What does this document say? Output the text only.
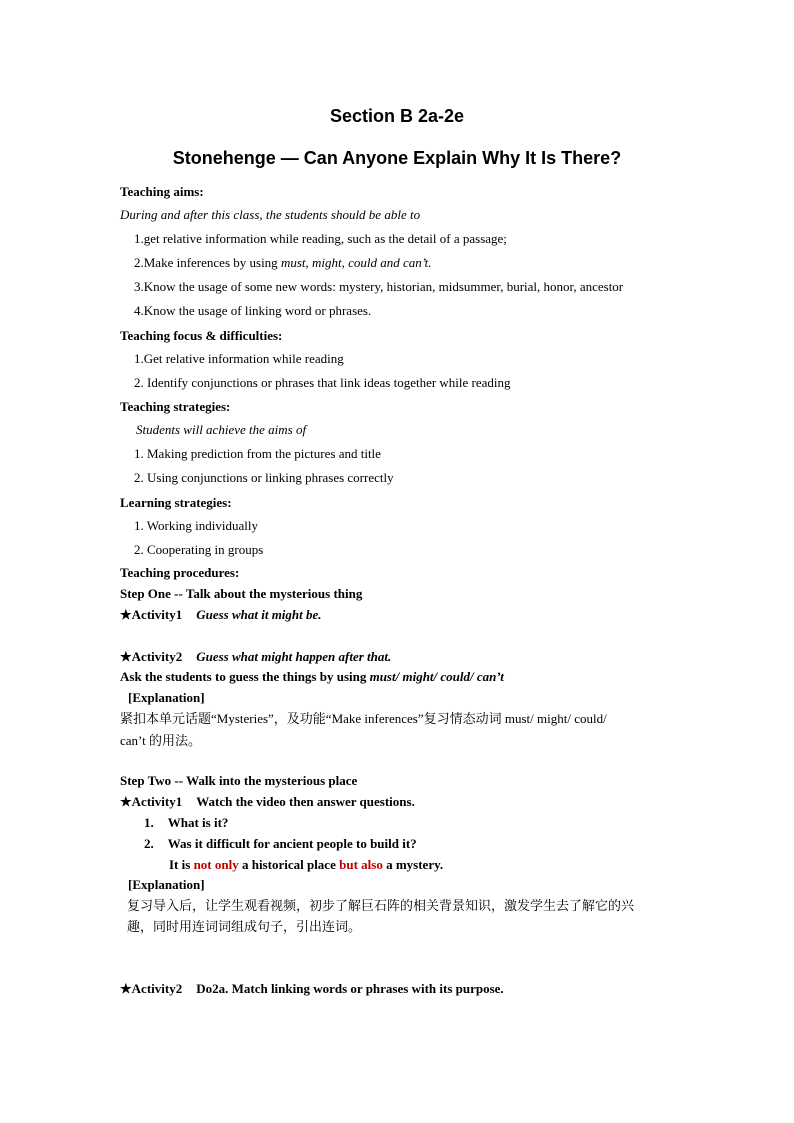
Section B 2a-2e
Stonehenge — Can Anyone Explain Why It Is There?
Teaching aims:
During and after this class, the students should be able to
1.get relative information while reading, such as the detail of a passage;
2.Make inferences by using must, might, could and can’t.
3.Know the usage of some new words: mystery, historian, midsummer, burial, honor, ancestor
4.Know the usage of linking word or phrases.
Teaching focus & difficulties:
1.Get relative information while reading
2. Identify conjunctions or phrases that link ideas together while reading
Teaching strategies:
Students will achieve the aims of
1. Making prediction from the pictures and title
2. Using conjunctions or linking phrases correctly
Learning strategies:
1. Working individually
2. Cooperating in groups
Teaching procedures:
Step One -- Talk about the mysterious thing
★Activity1 Guess what it might be.
★Activity2 Guess what might happen after that.
Ask the students to guess the things by using must/ might/ could/ can’t
[Explanation]
紧扣本单元话题“Mysteries”，及功能“Make inferences”复习情态动词 must/ might/ could/
can’t 的用法。
Step Two -- Walk into the mysterious place
★Activity1 Watch the video then answer questions.
1. What is it?
2. Was it difficult for ancient people to build it?
It is not only a historical place but also a mystery.
[Explanation]
复习导入后，让学生观看视频，初步了解巨石阵的相关背景知识，激发学生去了解它的兴
趣，同时用连词词组成句子，引出连词。
★Activity2 Do2a. Match linking words or phrases with its purpose.
